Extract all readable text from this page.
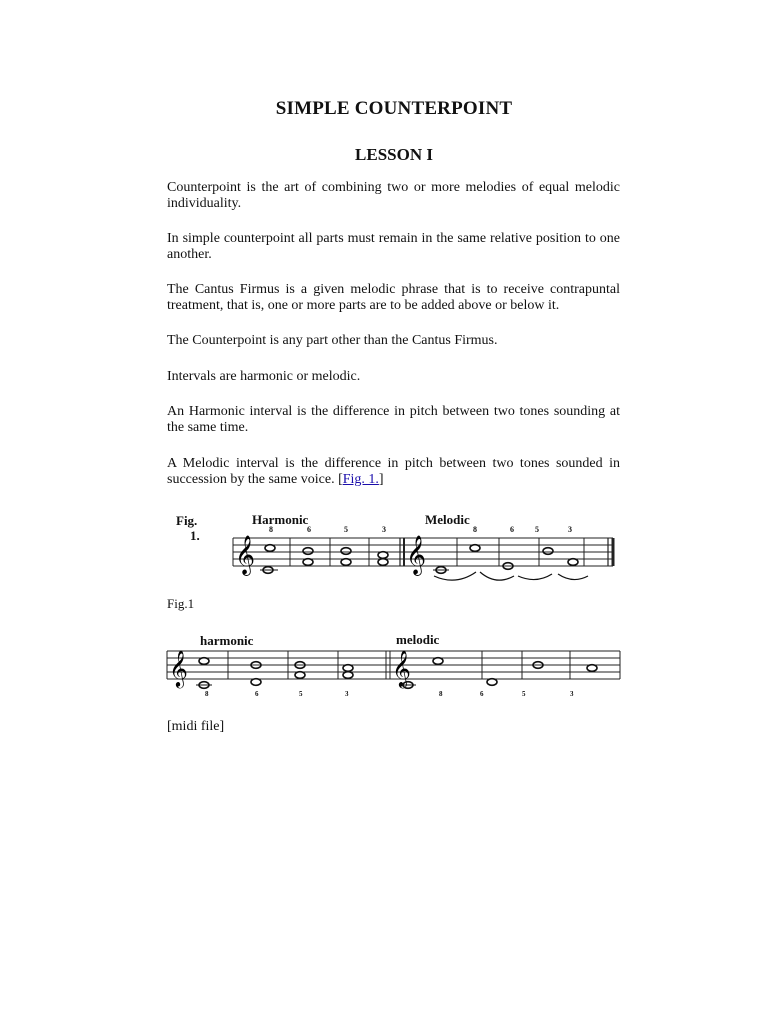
SIMPLE COUNTERPOINT
LESSON I

Counterpoint is the art of combining two or more melodies of equal melodic individuality.

In simple counterpoint all parts must remain in the same relative position to one another.

The Cantus Firmus is a given melodic phrase that is to receive contrapuntal treatment, that is, one or more parts are to be added above or below it.

The Counterpoint is any part other than the Cantus Firmus.

Intervals are harmonic or melodic.

An Harmonic interval is the difference in pitch between two tones sounding at the same time.

A Melodic interval is the difference in pitch between two tones sounded in succession by the same voice. [Fig. 1.]

Fig.
1.
Harmonic	Melodic
𝄞	𝄞
8	6	5	3	8	6	5	3
Fig.1
harmonic	melodic
𝄞	𝄞
8	6	5	3	8	6	5	3
[midi file]
